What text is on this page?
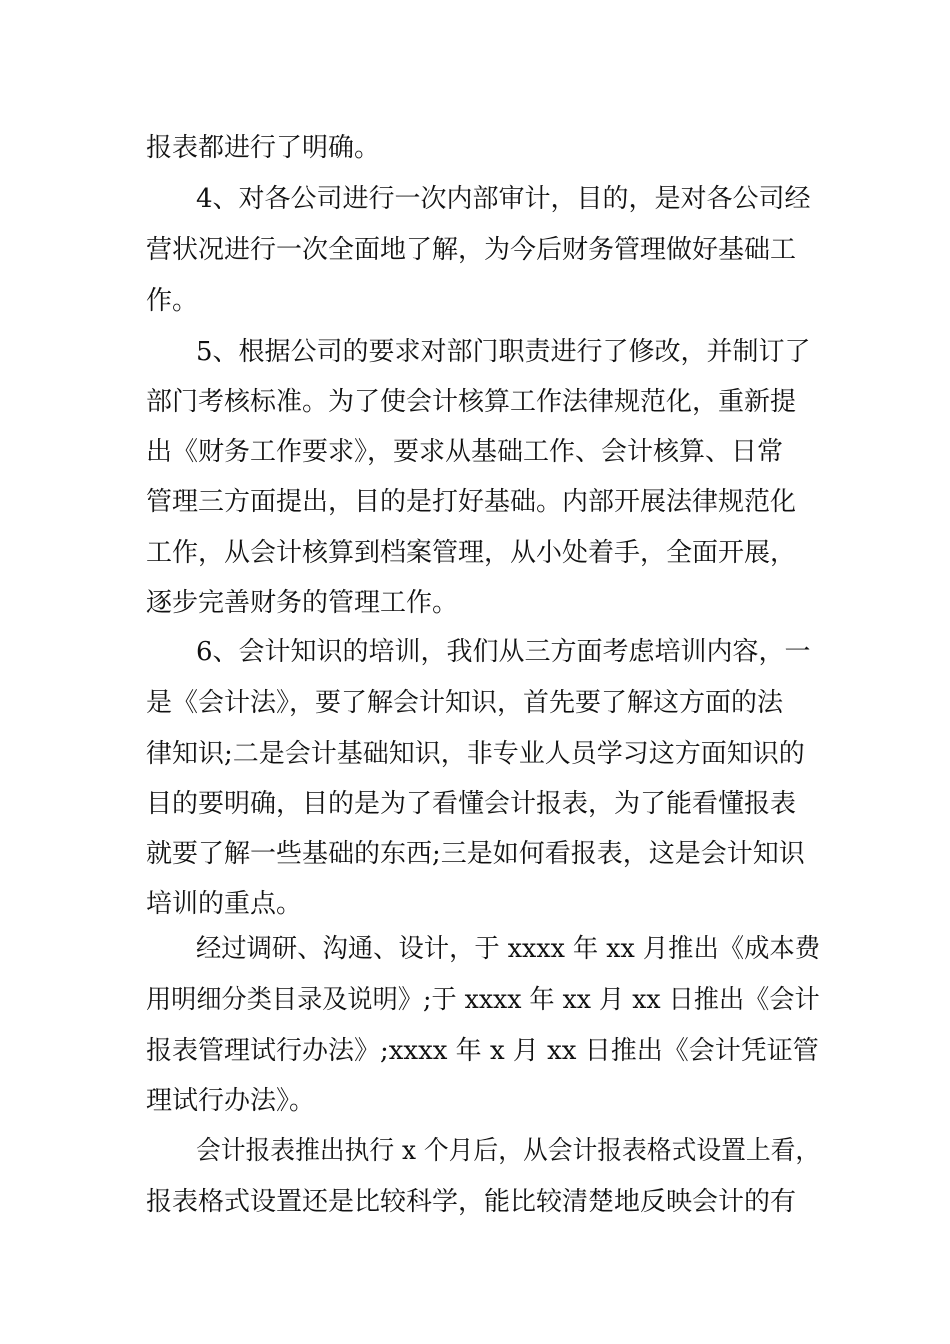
报表都进行了明确。
4、对各公司进行一次内部审计，目的，是对各公司经
营状况进行一次全面地了解，为今后财务管理做好基础工
作。
5、根据公司的要求对部门职责进行了修改，并制订了
部门考核标准。为了使会计核算工作法律规范化，重新提
出《财务工作要求》，要求从基础工作、会计核算、日常
管理三方面提出，目的是打好基础。内部开展法律规范化
工作，从会计核算到档案管理，从小处着手，全面开展，
逐步完善财务的管理工作。
6、会计知识的培训，我们从三方面考虑培训内容，一
是《会计法》，要了解会计知识，首先要了解这方面的法
律知识;二是会计基础知识，非专业人员学习这方面知识的
目的要明确，目的是为了看懂会计报表，为了能看懂报表
就要了解一些基础的东西;三是如何看报表，这是会计知识
培训的重点。
经过调研、沟通、设计，于 xxxx 年 xx 月推出《成本费
用明细分类目录及说明》;于 xxxx 年 xx 月 xx 日推出《会计
报表管理试行办法》;xxxx 年 x 月 xx 日推出《会计凭证管
理试行办法》。
会计报表推出执行 x 个月后，从会计报表格式设置上看，
报表格式设置还是比较科学，能比较清楚地反映会计的有
